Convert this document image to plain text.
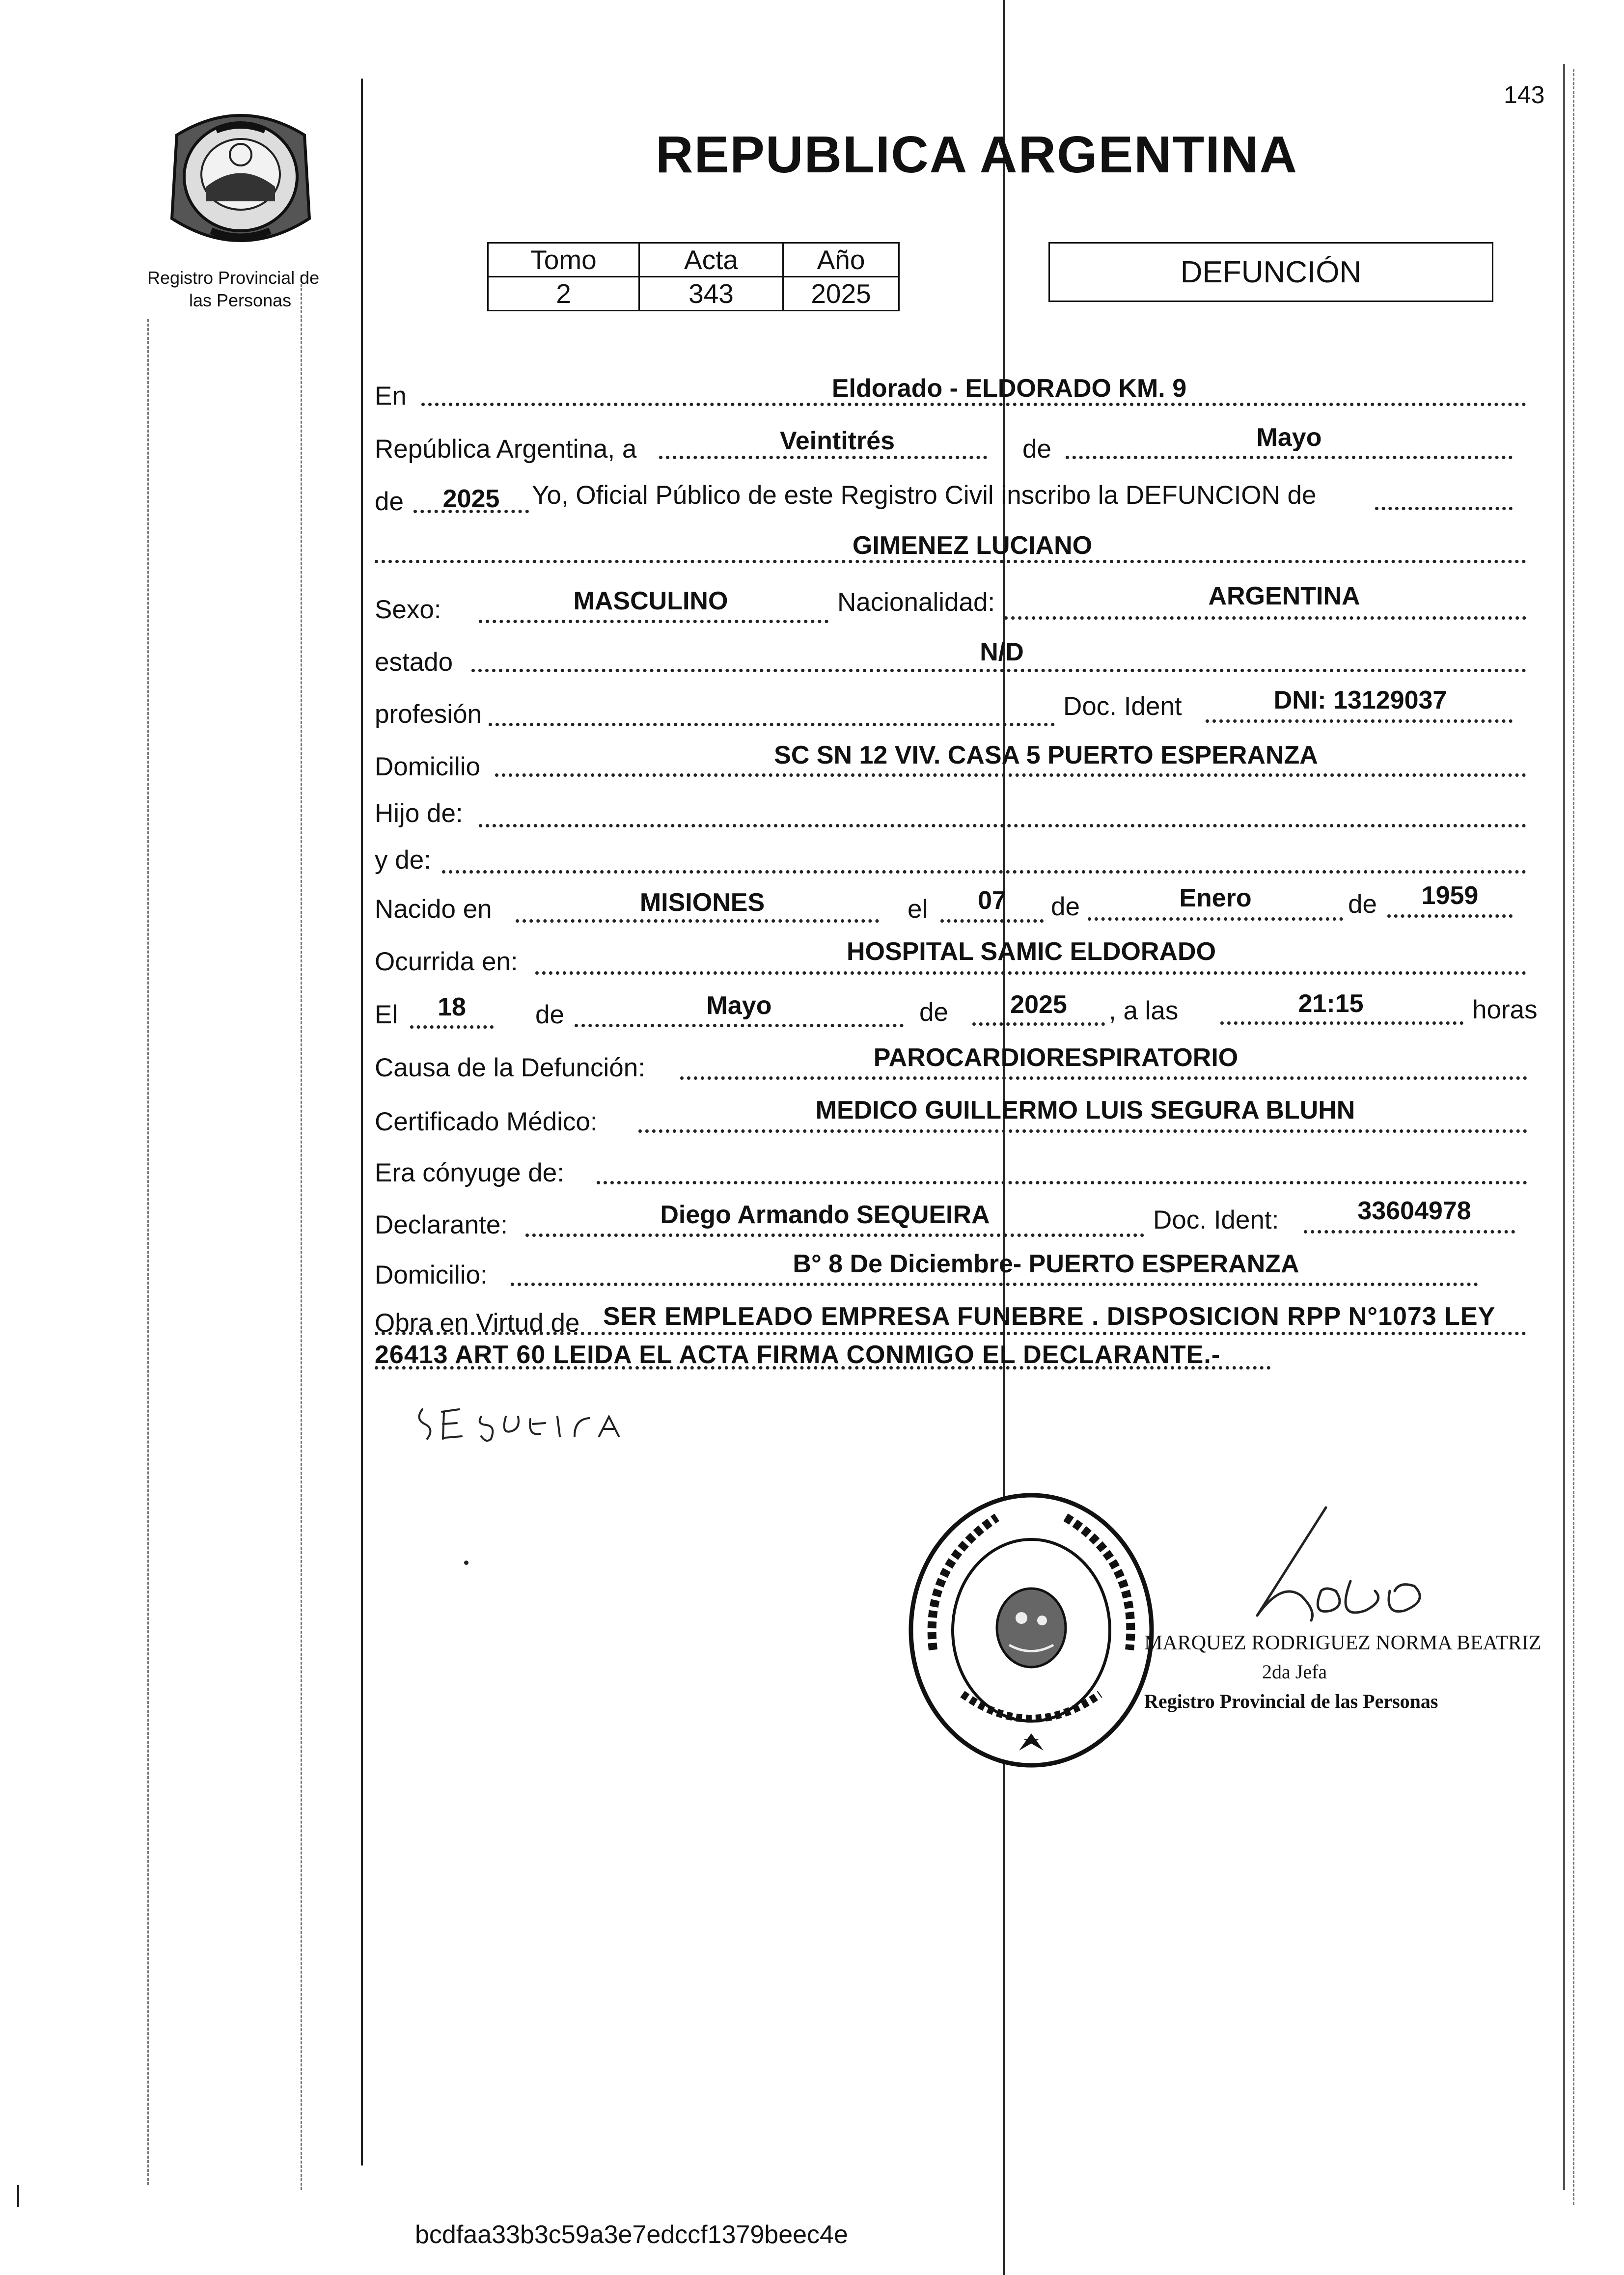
143
Registro Provincial de
las Personas
REPUBLICA ARGENTINA
Tomo	Acta	Año
2	343	2025
DEFUNCIÓN
En	Eldorado - ELDORADO KM. 9
República Argentina, a	Veintitrés	de	Mayo
de	2025	Yo, Oficial Público de este Registro Civil inscribo la DEFUNCION de
GIMENEZ LUCIANO
Sexo:	MASCULINO	Nacionalidad:	ARGENTINA
estado	N/D
profesión	Doc. Ident	DNI: 13129037
Domicilio	SC SN 12 VIV. CASA 5 PUERTO ESPERANZA
Hijo de:
y de:
Nacido en	MISIONES	el	07	de	Enero	de	1959
Ocurrida en:	HOSPITAL SAMIC ELDORADO
El	18	de	Mayo	de	2025	, a las	21:15	horas
Causa de la Defunción:	PAROCARDIORESPIRATORIO
Certificado Médico:	MEDICO GUILLERMO LUIS SEGURA BLUHN
Era cónyuge de:
Declarante:	Diego Armando SEQUEIRA	Doc. Ident:	33604978
Domicilio:	B° 8 De Diciembre- PUERTO ESPERANZA
Obra en Virtud de SER EMPLEADO EMPRESA FUNEBRE . DISPOSICION RPP N°1073 LEY
26413 ART 60 LEIDA EL ACTA FIRMA CONMIGO EL DECLARANTE.-
MARQUEZ RODRIGUEZ NORMA BEATRIZ
2da Jefa
Registro Provincial de las Personas
bcdfaa33b3c59a3e7edccf1379beec4e
